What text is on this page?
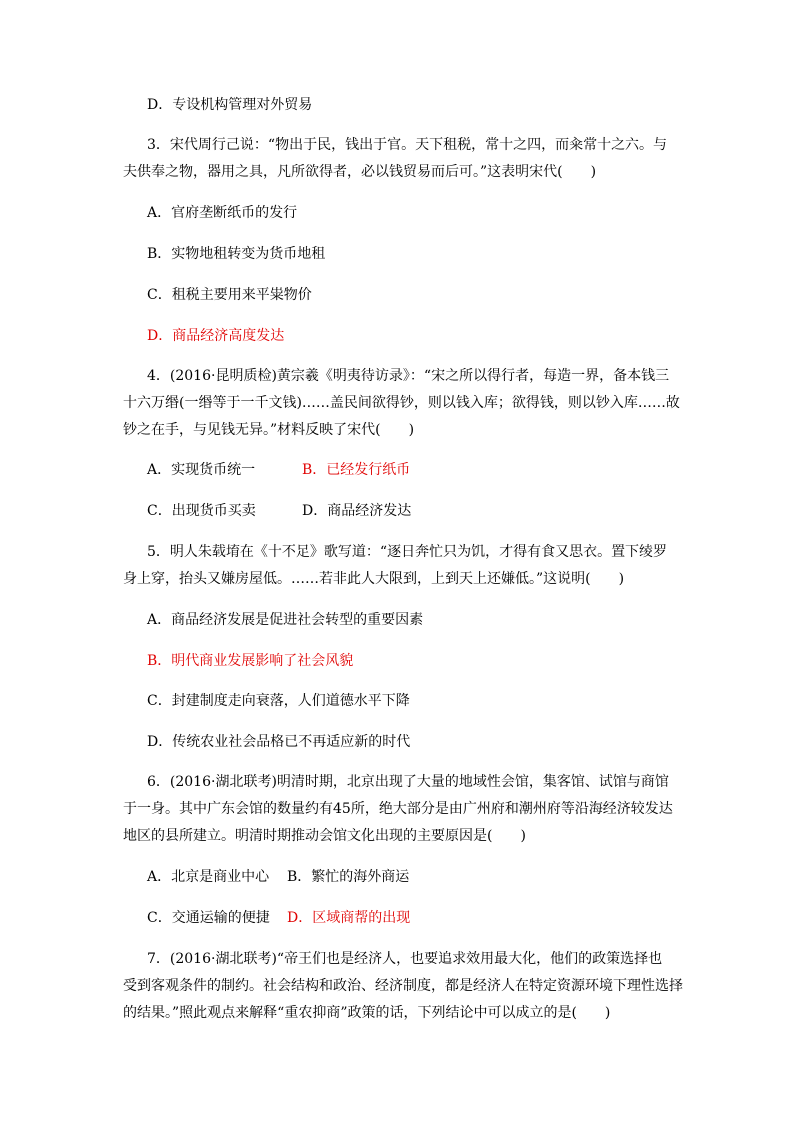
D．专设机构管理对外贸易
3．宋代周行己说：“物出于民，钱出于官。天下租税，常十之四，而籴常十之六。与
夫供奉之物，器用之具，凡所欲得者，必以钱贸易而后可。”这表明宋代(　　)
A．官府垄断纸币的发行
B．实物地租转变为货币地租
C．租税主要用来平粜物价
D．商品经济高度发达
4．(2016·昆明质检)黄宗羲《明夷待访录》：“宋之所以得行者，每造一界，备本钱三
十六万缗(一缗等于一千文钱)……盖民间欲得钞，则以钱入库；欲得钱，则以钞入库……故
钞之在手，与见钱无异。”材料反映了宋代(　　)
A．实现货币统一	B．已经发行纸币
C．出现货币买卖	D．商品经济发达
5．明人朱载堉在《十不足》歌写道：“逐日奔忙只为饥，才得有食又思衣。置下绫罗
身上穿，抬头又嫌房屋低。……若非此人大限到，上到天上还嫌低。”这说明(　　)
A．商品经济发展是促进社会转型的重要因素
B．明代商业发展影响了社会风貌
C．封建制度走向衰落，人们道德水平下降
D．传统农业社会品格已不再适应新的时代
6．(2016·湖北联考)明清时期，北京出现了大量的地域性会馆，集客馆、试馆与商馆
于一身。其中广东会馆的数量约有45所，绝大部分是由广州府和潮州府等沿海经济较发达
地区的县所建立。明清时期推动会馆文化出现的主要原因是(　　)
A．北京是商业中心 B．繁忙的海外商运
C．交通运输的便捷 D．区域商帮的出现
7．(2016·湖北联考)“帝王们也是经济人，也要追求效用最大化，他们的政策选择也
受到客观条件的制约。社会结构和政治、经济制度，都是经济人在特定资源环境下理性选择
的结果。”照此观点来解释“重农抑商”政策的话，下列结论中可以成立的是(　　)
